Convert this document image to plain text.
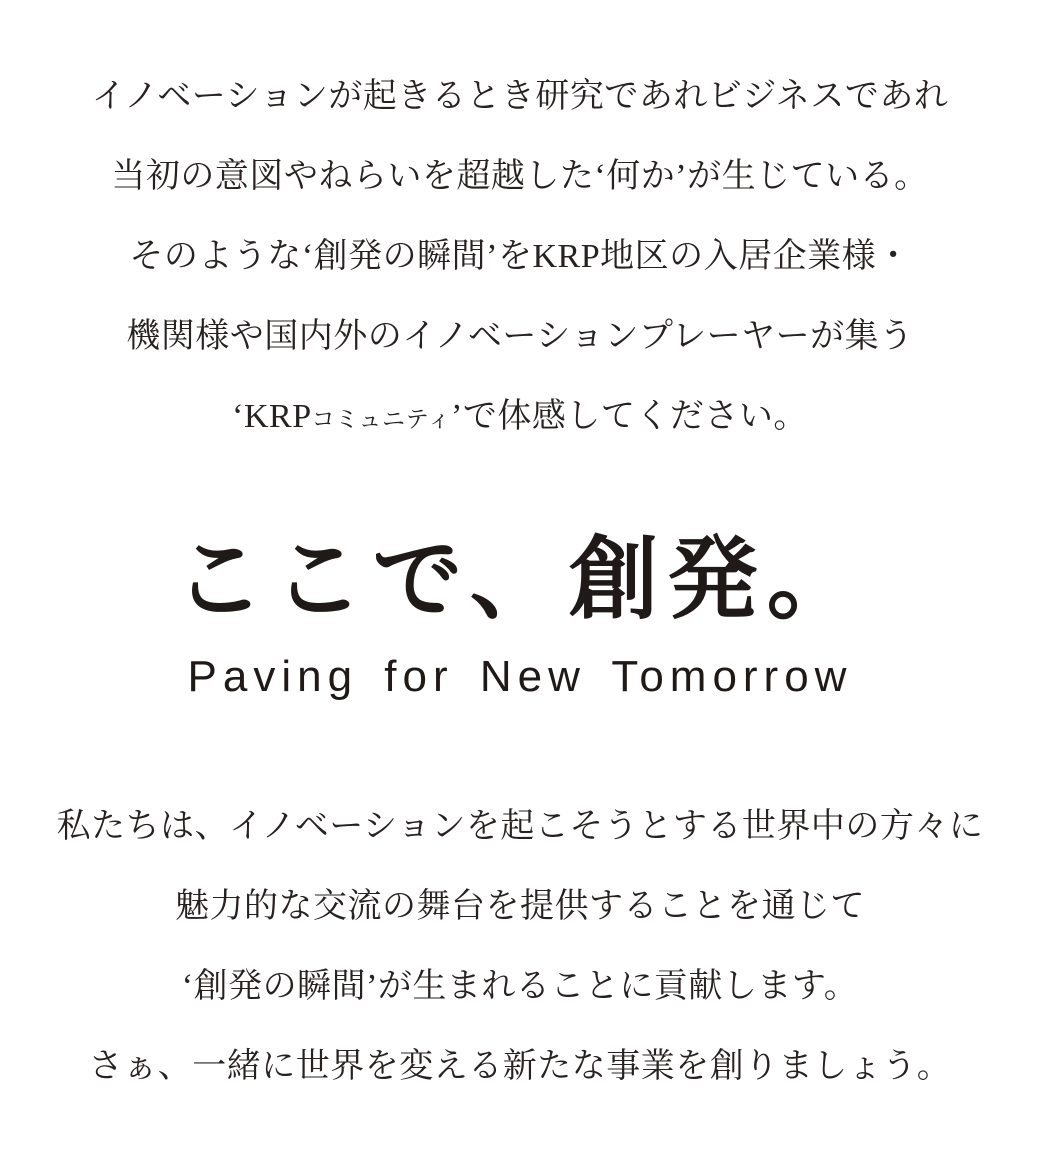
イノベーションが起きるとき研究であれビジネスであれ
当初の意図やねらいを超越した‘何か’が生じている。
そのような‘創発の瞬間’をKRP地区の入居企業様・
機関様や国内外のイノベーションプレーヤーが集う
‘KRPコミュニティ’で体感してください。

ここで、創発。
Paving for New Tomorrow

私たちは、イノベーションを起こそうとする世界中の方々に
魅力的な交流の舞台を提供することを通じて
‘創発の瞬間’が生まれることに貢献します。
さぁ、一緒に世界を変える新たな事業を創りましょう。
